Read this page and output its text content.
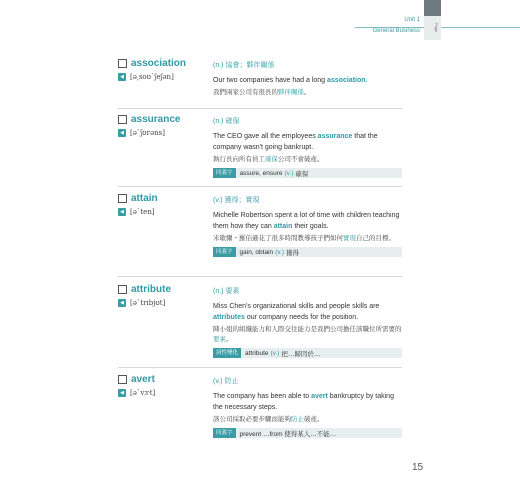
Unit 1
General Business	Page
association
◀ [ə͵soʊ`ʃeʃən]
(n.) 協會；夥伴關係
Our two companies have had a long association.
我們兩家公司有很長的夥伴關係。
assurance
◀ [ə`ʃʊrəns]
(n.) 確保
The CEO gave all the employees assurance that the company wasn't going bankrupt.
執行長向所有員工確保公司不會破產。
同義字	assure, ensure (v.) 確保
attain
◀ [ə`ten]
(v.) 獲得；實現
Michelle Robertson spent a lot of time with children teaching them how they can attain their goals.
米歇爾・羅伯遜花了很多時間教導孩子們如何實現自己的目標。
同義字	gain, obtain (v.) 獲得
attribute
◀ [ə`trɪbjʊt]
(n.) 要素
Miss Chen's organizational skills and people skills are attributes our company needs for the position.
陳小姐的組織能力和人際交往能力是我們公司擔任該職位所需要的要素。
詞性變化	attribute (v.) 把…歸因於…
avert
◀ [ə`vɝt]
(v.) 防止
The company has been able to avert bankruptcy by taking the necessary steps.
該公司採取必要步驟而能夠防止破產。
同義字	prevent …from 使得某人…不能…
15
